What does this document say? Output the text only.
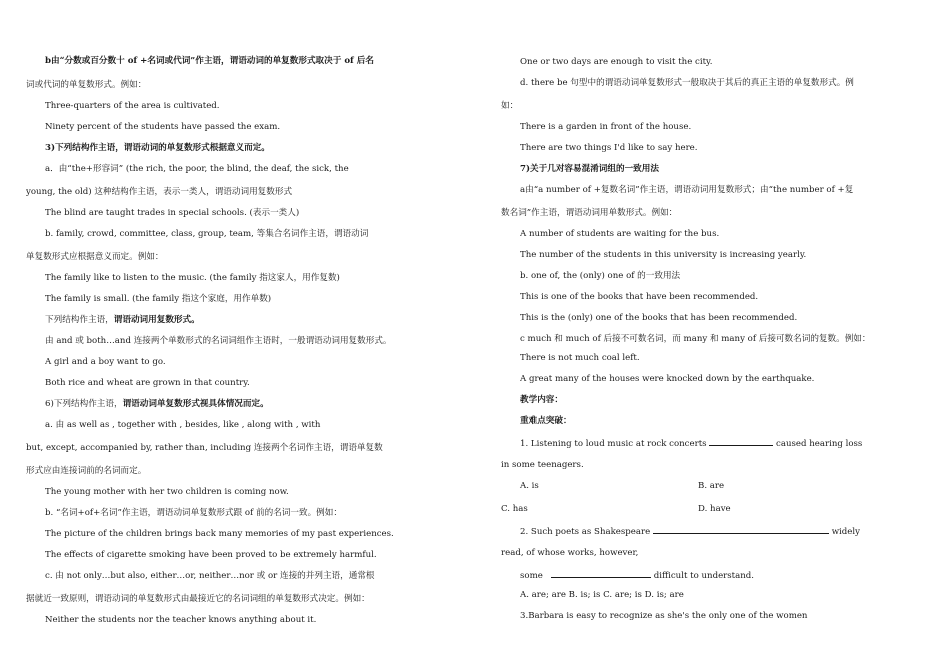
b由“分数或百分数十 of +名词或代词”作主语，谓语动词的单复数形式取决于 of 后名
词或代词的单复数形式。例如：
Three-quarters of the area is cultivated.
Ninety percent of the students have passed the exam.
3)下列结构作主语，谓语动词的单复数形式根据意义而定。
a．由“the+形容词” (the rich, the poor, the blind, the deaf, the sick, the
young, the old) 这种结构作主语，表示一类人，谓语动词用复数形式
The blind are taught trades in special schools. (表示一类人)
b. family, crowd, committee, class, group, team, 等集合名词作主语，谓语动词
单复数形式应根据意义而定。例如：
The family like to listen to the music. (the family 指这家人，用作复数)
The family is small. (the family 指这个家庭，用作单数)
下列结构作主语，谓语动词用复数形式。
由 and 或 both…and 连接两个单数形式的名词词组作主语时，一般谓语动词用复数形式。
A girl and a boy want to go.
Both rice and wheat are grown in that country.
6)下列结构作主语，谓语动词单复数形式视具体情况而定。
a. 由 as well as , together with , besides, like , along with , with
but, except, accompanied by, rather than, including 连接两个名词作主语，谓语单复数
形式应由连接词前的名词而定。
The young mother with her two children is coming now.
b. “名词+of+名词”作主语，谓语动词单复数形式跟 of 前的名词一致。例如：
The picture of the children brings back many memories of my past experiences.
The effects of cigarette smoking have been proved to be extremely harmful.
c. 由 not only…but also, either…or, neither…nor 或 or 连接的并列主语，通常根
据就近一致原则，谓语动词的单复数形式由最接近它的名词词组的单复数形式决定。例如：
Neither the students nor the teacher knows anything about it.
One or two days are enough to visit the city.
d. there be 句型中的谓语动词单复数形式一般取决于其后的真正主语的单复数形式。例
如：
There is a garden in front of the house.
There are two things I'd like to say here.
7)关于几对容易混淆词组的一致用法
a由“a number of +复数名词”作主语，谓语动词用复数形式；由“the number of +复
数名词”作主语，谓语动词用单数形式。例如：
A number of students are waiting for the bus.
The number of the students in this university is increasing yearly.
b. one of, the (only) one of 的一致用法
This is one of the books that have been recommended.
This is the (only) one of the books that has been recommended.
c much 和 much of 后接不可数名词，而 many 和 many of 后接可数名词的复数。例如：
There is not much coal left.
A great many of the houses were knocked down by the earthquake.
教学内容：
重难点突破：
1. Listening to loud music at rock concerts	caused hearing loss
in some teenagers.
A. is	B. are
C. has	D. have
2. Such poets as Shakespeare	widely
read, of whose works, however,
some	difficult to understand.
A. are; are B. is; is C. are; is D. is; are
3.Barbara is easy to recognize as she's the only one of the women
